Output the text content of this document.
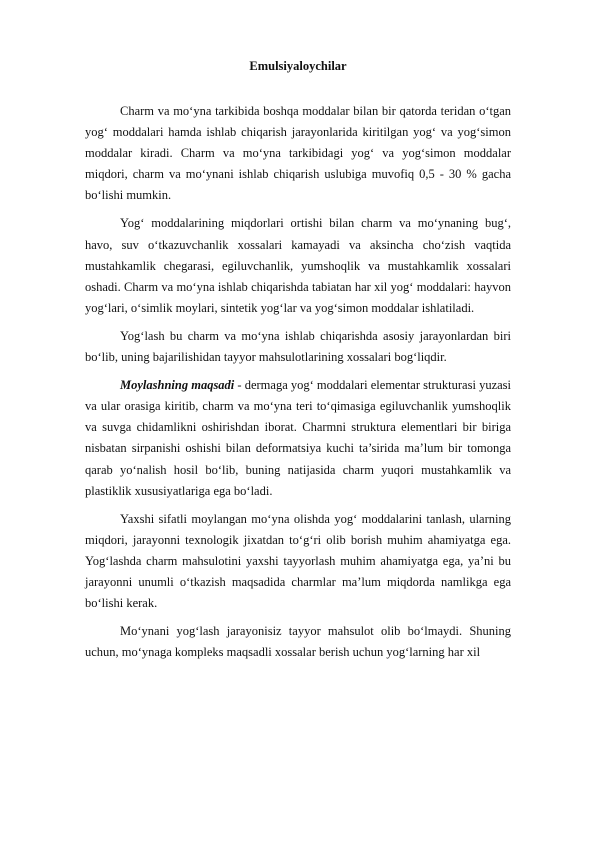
Emulsiyaloychilar

Charm va mo‘yna tarkibida boshqa moddalar bilan bir qatorda teridan o‘tgan yog‘ moddalari hamda ishlab chiqarish jarayonlarida kiritilgan yog‘ va yog‘simon moddalar kiradi. Charm va mo‘yna tarkibidagi yog‘ va yog‘simon moddalar miqdori, charm va mo‘ynani ishlab chiqarish uslubiga muvofiq 0,5 - 30 % gacha bo‘lishi mumkin.

Yog‘ moddalarining miqdorlari ortishi bilan charm va mo‘ynaning bug‘, havo, suv o‘tkazuvchanlik xossalari kamayadi va aksincha cho‘zish vaqtida mustahkamlik chegarasi, egiluvchanlik, yumshoqlik va mustahkamlik xossalari oshadi. Charm va mo‘yna ishlab chiqarishda tabiatan har xil yog‘ moddalari: hayvon yog‘lari, o‘simlik moylari, sintetik yog‘lar va yog‘simon moddalar ishlatiladi.

Yog‘lash bu charm va mo‘yna ishlab chiqarishda asosiy jarayonlardan biri bo‘lib, uning bajarilishidan tayyor mahsulotlarining xossalari bog‘liqdir.

Moylashning maqsadi - dermaga yog‘ moddalari elementar strukturasi yuzasi va ular orasiga kiritib, charm va mo‘yna teri to‘qimasiga egiluvchanlik yumshoqlik va suvga chidamlikni oshirishdan iborat. Charmni struktura elementlari bir biriga nisbatan sirpanishi oshishi bilan deformatsiya kuchi ta’sirida ma’lum bir tomonga qarab yo‘nalish hosil bo‘lib, buning natijasida charm yuqori mustahkamlik va plastiklik xususiyatlariga ega bo‘ladi.

Yaxshi sifatli moylangan mo‘yna olishda yog‘ moddalarini tanlash, ularning miqdori, jarayonni texnologik jixatdan to‘g‘ri olib borish muhim ahamiyatga ega. Yog‘lashda charm mahsulotini yaxshi tayyorlash muhim ahamiyatga ega, ya’ni bu jarayonni unumli o‘tkazish maqsadida charmlar ma’lum miqdorda namlikga ega bo‘lishi kerak.

Mo‘ynani yog‘lash jarayonisiz tayyor mahsulot olib bo‘lmaydi. Shuning uchun, mo‘ynaga kompleks maqsadli xossalar berish uchun yog‘larning har xil
